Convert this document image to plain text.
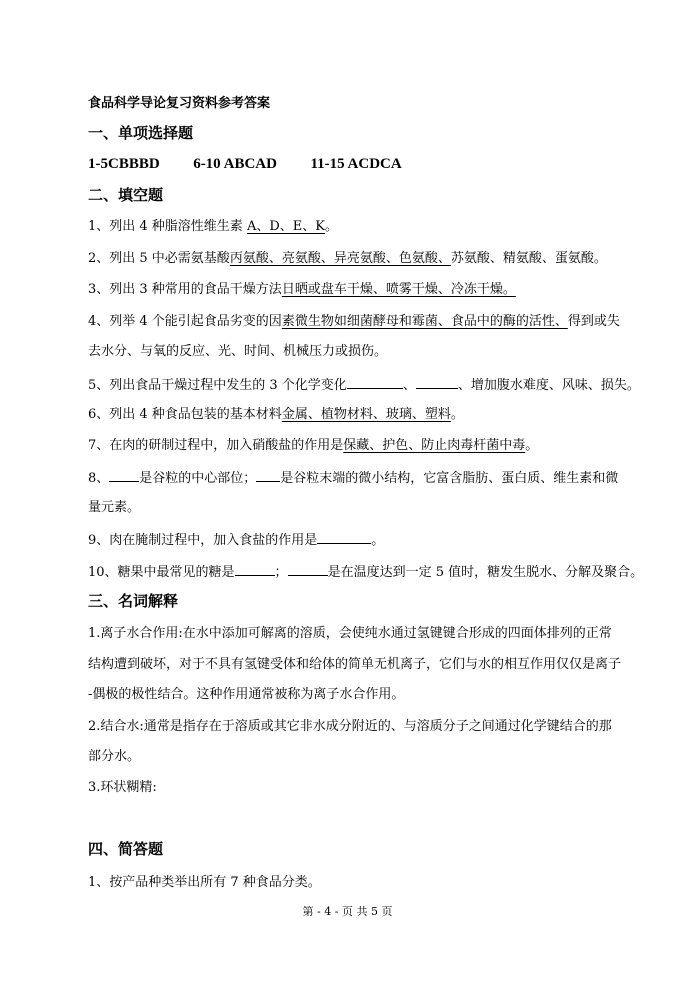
食品科学导论复习资料参考答案
一、单项选择题
1-5CBBBD 6-10 ABCAD 11-15 ACDCA
二、填空题
1、列出 4 种脂溶性维生素 A、D、E、K。
2、列出 5 中必需氨基酸丙氨酸、亮氨酸、异亮氨酸、色氨酸、苏氨酸、精氨酸、蛋氨酸。
3、列出 3 种常用的食品干燥方法日晒或盘车干燥、喷雾干燥、冷冻干燥。
4、列举 4 个能引起食品劣变的因素微生物如细菌酵母和霉菌、食品中的酶的活性、得到或失
去水分、与氧的反应、光、时间、机械压力或损伤。
5、列出食品干燥过程中发生的 3 个化学变化	、	、增加腹水难度、风味、损失。
6、列出 4 种食品包装的基本材料金属、植物材料、玻璃、塑料。
7、在肉的研制过程中，加入硝酸盐的作用是保藏、护色、防止肉毒杆菌中毒。
8、 是谷粒的中心部位； 是谷粒末端的微小结构，它富含脂肪、蛋白质、维生素和微
量元素。
9、肉在腌制过程中，加入食盐的作用是	。
10、糖果中最常见的糖是	；	是在温度达到一定 5 值时，糖发生脱水、分解及聚合。
三、名词解释
1.离子水合作用:在水中添加可解离的溶质，会使纯水通过氢键键合形成的四面体排列的正常
结构遭到破坏，对于不具有氢键受体和给体的简单无机离子，它们与水的相互作用仅仅是离子
-偶极的极性结合。这种作用通常被称为离子水合作用。
2.结合水:通常是指存在于溶质或其它非水成分附近的、与溶质分子之间通过化学键结合的那
部分水。
3.环状糊精:
四、简答题
1、按产品种类举出所有 7 种食品分类。
第 - 4 - 页 共 5 页
